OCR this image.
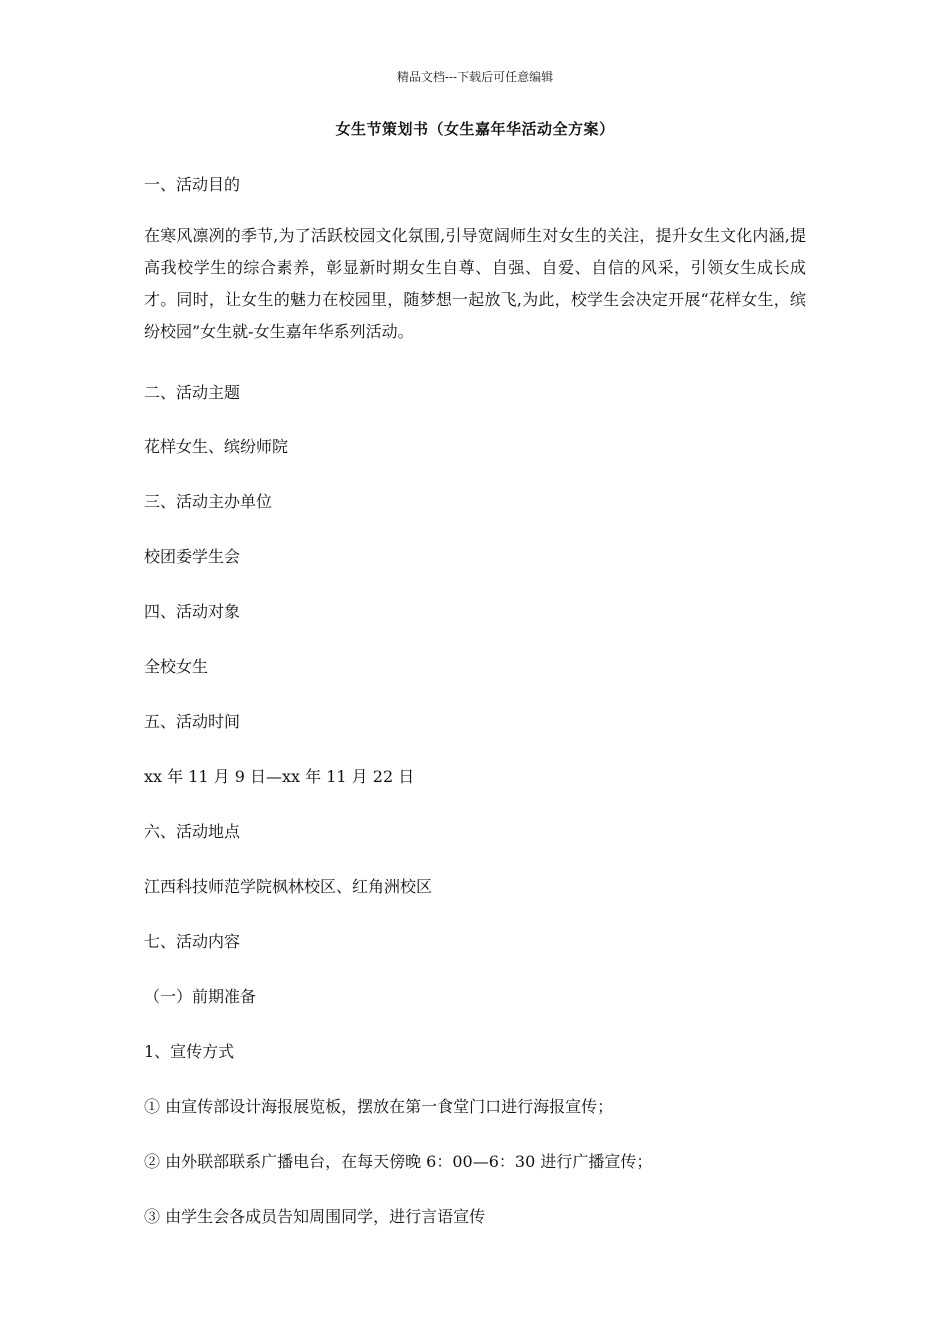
精品文档---下载后可任意编辑
女生节策划书（女生嘉年华活动全方案）
一、活动目的
在寒风凛冽的季节,为了活跃校园文化氛围,引导宽阔师生对女生的关注，提升女生文化内涵,提高我校学生的综合素养，彰显新时期女生自尊、自强、自爱、自信的风采，引领女生成长成才。同时，让女生的魅力在校园里，随梦想一起放飞,为此，校学生会决定开展“花样女生，缤纷校园”女生就-女生嘉年华系列活动。
二、活动主题
花样女生、缤纷师院
三、活动主办单位
校团委学生会
四、活动对象
全校女生
五、活动时间
xx 年 11 月 9 日—xx 年 11 月 22 日
六、活动地点
江西科技师范学院枫林校区、红角洲校区
七、活动内容
（一）前期准备
1、宣传方式
① 由宣传部设计海报展览板，摆放在第一食堂门口进行海报宣传；
② 由外联部联系广播电台，在每天傍晚 6：00—6：30 进行广播宣传；
③ 由学生会各成员告知周围同学，进行言语宣传
